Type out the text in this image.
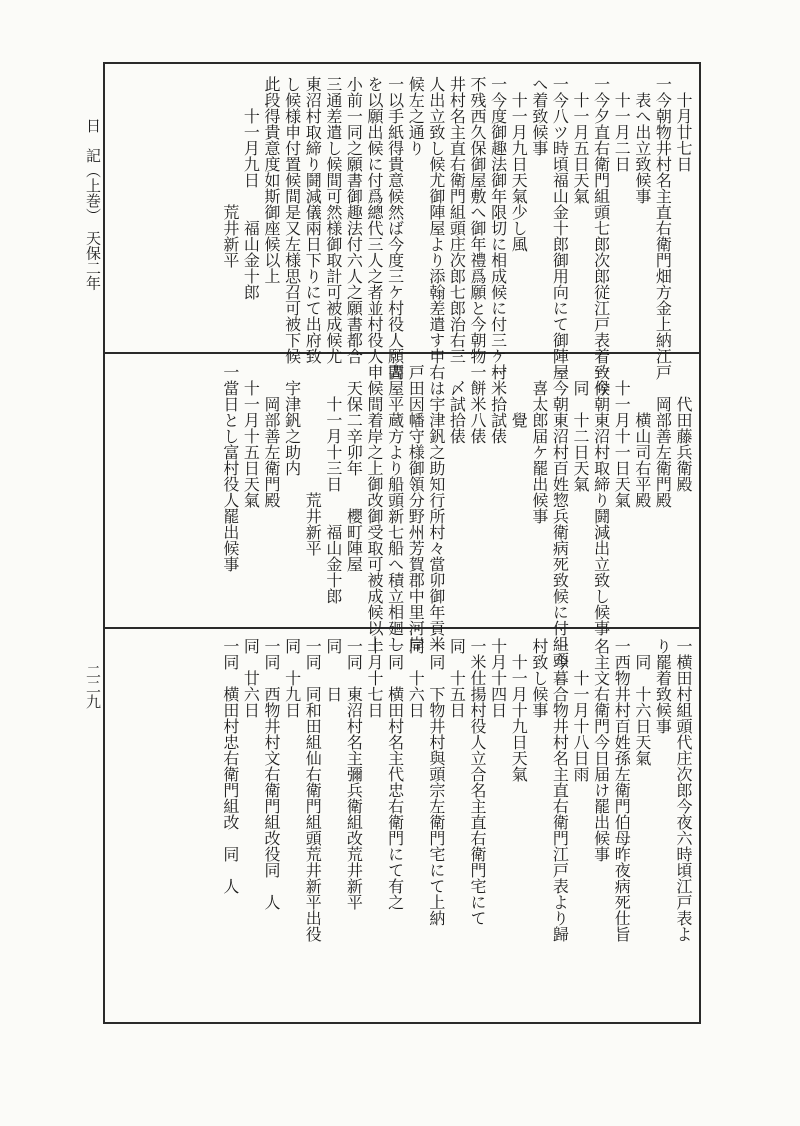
日　記（上巻）　天保二年
二二九
十月廿七日
一今朝物井村名主直右衛門畑方金上納江戸
表へ出立致候事
十一月二日
一今夕直右衛門組頭七郎次郎従江戸表着致候
十一月五日天氣
一今八ツ時頃福山金十郎御用向にて御陣屋
へ着致候事
十一月九日天氣少し風
一今度御趣法御年限切に相成候に付三ケ村
不残西久保御屋敷へ御年禮爲願と今朝物
井村名主直右衛門組頭庄次郎七郎治右三
人出立致し候尤御陣屋より添翰差遣す申
候左之通り
一以手紙得貴意候然ば今度三ケ村役人願書
を以願出候に付爲總代三人之者並村役人
小前一同之願書御趣法付六人之願書都合
三通差遣し候間可然様御取計可被成候尤
東沼村取締り鬪減儀兩日下りにて出府致
し候様申付置候間是又左様思召可被下候
此段得貴意度如斯御座候以上
十一月九日　　福山金十郎
荒井新平
代田藤兵衛殿
岡部善左衛門殿
横山司右平殿
十一月十一日天氣
一今朝東沼村取締り鬪減出立致し候事
同　十二日天氣
一今朝東沼村百姓惣兵衛病死致候に付組頭
喜太郎届ケ罷出候事
覺
一米拾試俵
一餅米八俵
〆試拾俵
右は宇津釩之助知行所村々當卯御年貢米
戸田因幡守様御領分野州芳賀郡中里河岸
問屋平蔵方より船頭新七船へ積立相廻し
申候間着岸之上御改御受取可被成候以上
天保二辛卯年　　櫻町陣屋
十一月十三日　　福山金十郎
荒井新平
宇津釩之助内
岡部善左衛門殿
十一月十五日天氣
一當日とし富村役人罷出候事
一横田村組頭代庄次郎今夜六時頃江戸表よ
り罷着致候事
同　十六日天氣
一西物井村百姓孫左衛門伯母昨夜病死仕旨
名主文右衛門今日届け罷出候事
十一月十八日雨
一今暮合物井村名主直右衛門江戸表より歸
村致し候事
十一月十九日天氣
十月十四日
一米仕揚村役人立合名主直右衛門宅にて
同　十五日
一同　下物井村與頭宗左衛門宅にて上納
同　十六日
一同　横田村名主代忠右衛門にて有之
十月十七日
一同　東沼村名主彌兵衛組改荒井新平
同　　日
一同　同和田組仙右衛門組頭荒井新平出役
同　十九日
一同　西物井村文右衛門組改役同　人
同　廿六日
一同　横田村忠右衛門組改　同　人
